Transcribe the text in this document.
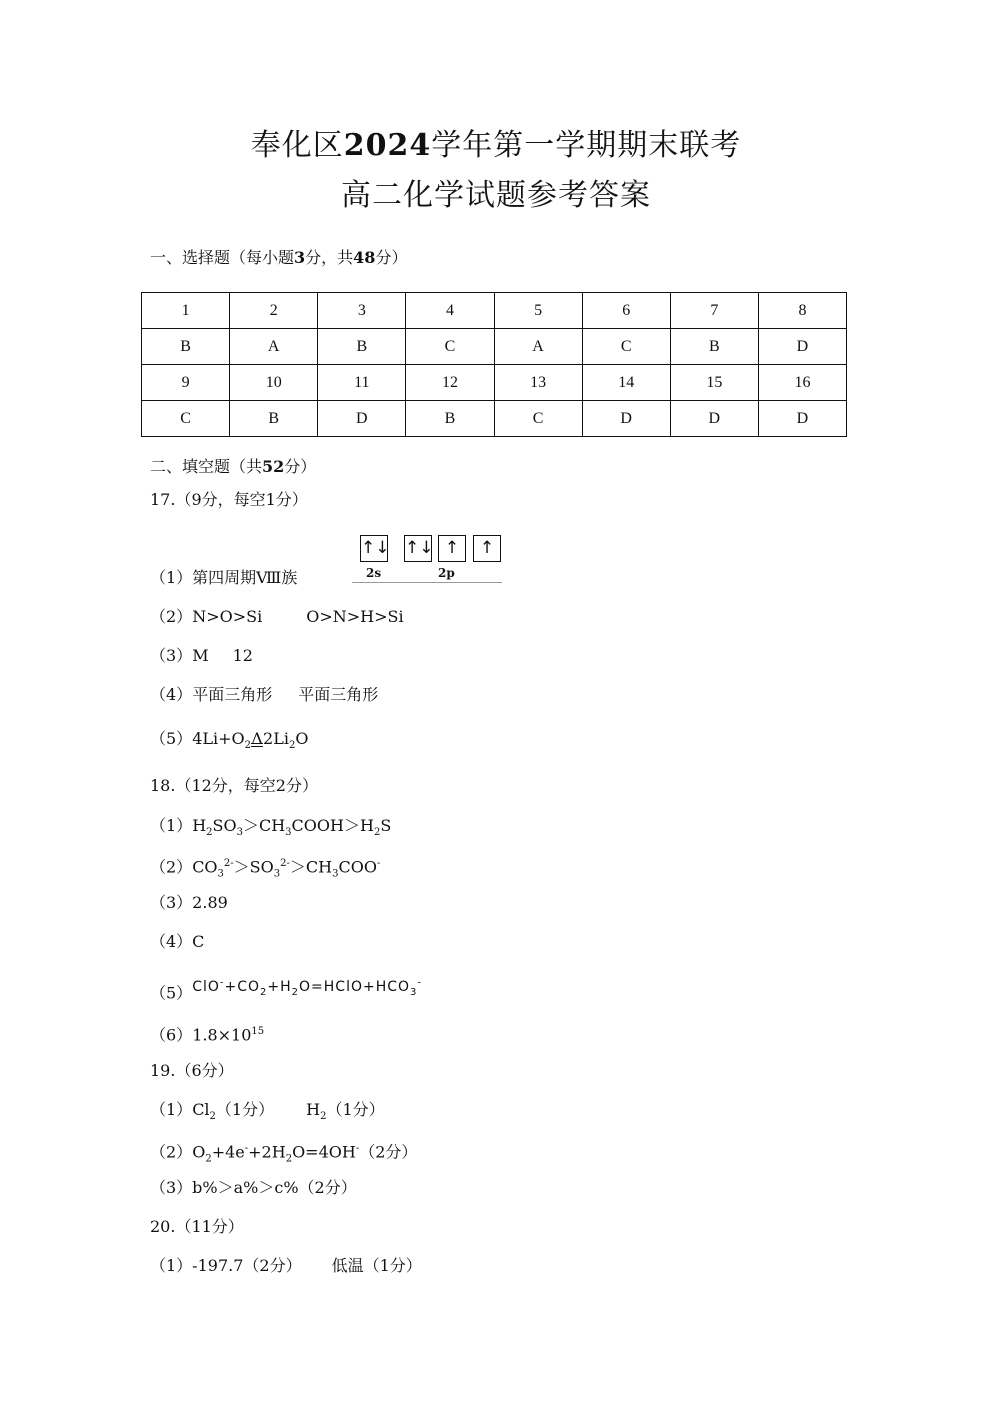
奉化区2024学年第一学期期末联考
高二化学试题参考答案
一、选择题（每小题3分，共48分）
1	2	3	4	5	6	7	8
B	A	B	C	A	C	B	D
9	10	11	12	13	14	15	16
C	B	D	B	C	D	D	D
二、填空题（共52分）
17.（9分，每空1分）
↑↓ ↑↓ ↑	↑
2s	2p
（1）第四周期Ⅷ族
（2）N>O>Si	O>N>H>Si
（3）M 12
（4）平面三角形 平面三角形
$(5)4Li+O_2\Delta$
$2Li_2O$
18.（12分，每空2分）
$(1)H_2SO_3>CH_3COOH>H_2S$
$(2)CO_3^{2-}>SO_3^{2-}>CH_3COO^-$
（3）2.89
（4）C
$(5)ClO^-+CO_2+H_2O=HClO+HCO_3^-$
$(6)1.8\times 10^{15}$
19.（6分）
$(1)Cl_2(1$分） $H_2(1$分）
$(2)O_2+4e^-+2H_2O=4OH^-(2$分）
（3）b%＞a%＞c%（2分）
20.（11分）
（1）-197.7（2分） 低温（1分）
